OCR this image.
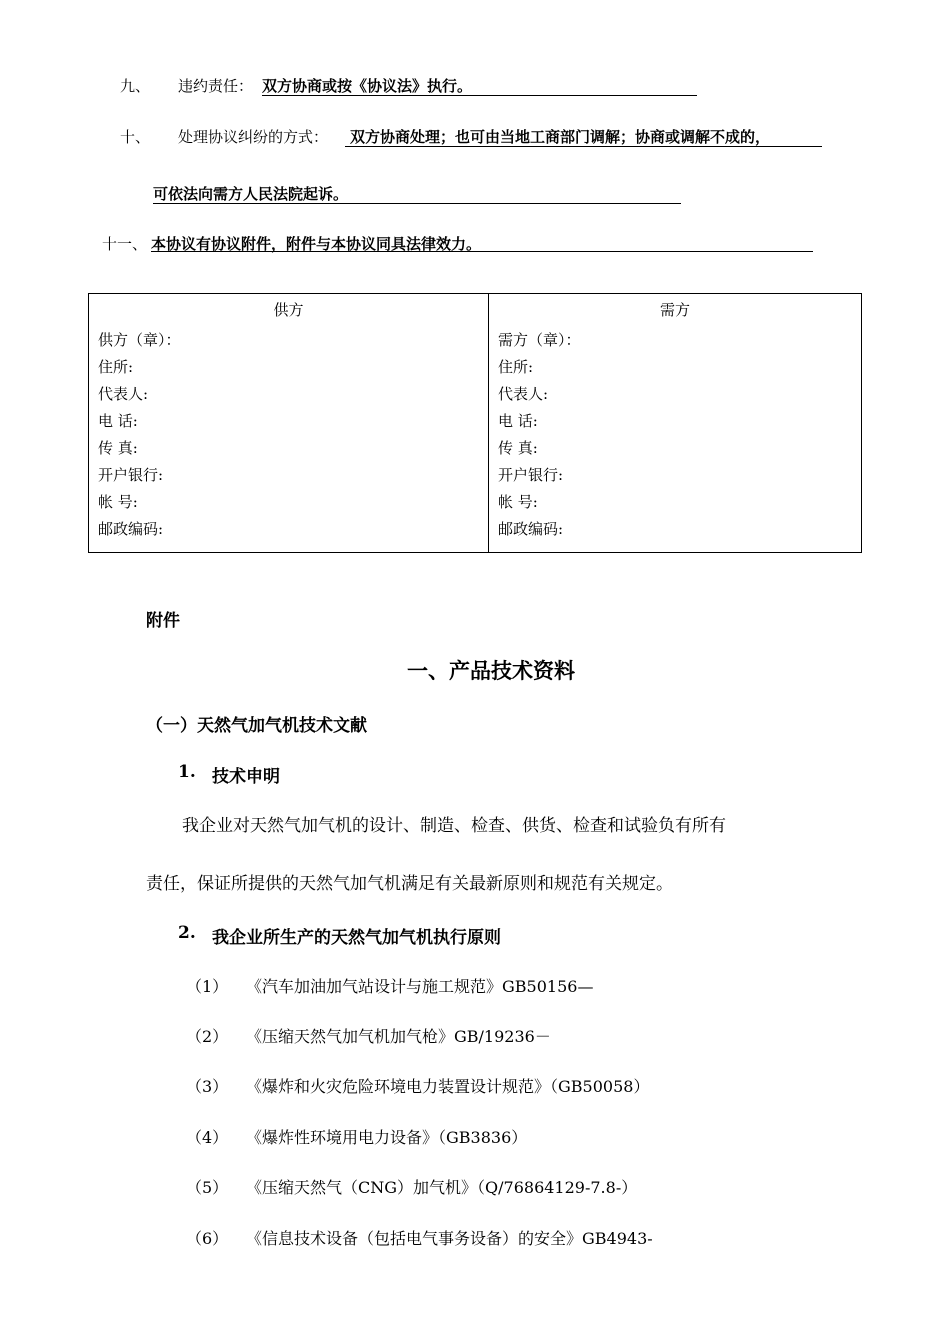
九、 违约责任： 双方协商或按《协议法》执行。
十、 处理协议纠纷的方式： 双方协商处理；也可由当地工商部门调解；协商或调解不成的，
可依法向需方人民法院起诉。
十一、 本协议有协议附件，附件与本协议同具法律效力。
供方
供方（章）：
住所:
代表人:
电 话:
传 真:
开户银行:
帐 号:
邮政编码:
需方
需方（章）：
住所:
代表人:
电 话:
传 真:
开户银行:
帐 号:
邮政编码:
附件
一、产品技术资料
（一）天然气加气机技术文献
1. 技术申明
我企业对天然气加气机的设计、制造、检查、供货、检查和试验负有所有
责任，保证所提供的天然气加气机满足有关最新原则和规范有关规定。
2. 我企业所生产的天然气加气机执行原则
（1） 《汽车加油加气站设计与施工规范》GB50156—
（2） 《压缩天然气加气机加气枪》GB/19236－
（3） 《爆炸和火灾危险环境电力装置设计规范》（GB50058）
（4） 《爆炸性环境用电力设备》（GB3836）
（5） 《压缩天然气（CNG）加气机》（Q/76864129-7.8-）
（6） 《信息技术设备（包括电气事务设备）的安全》GB4943-
